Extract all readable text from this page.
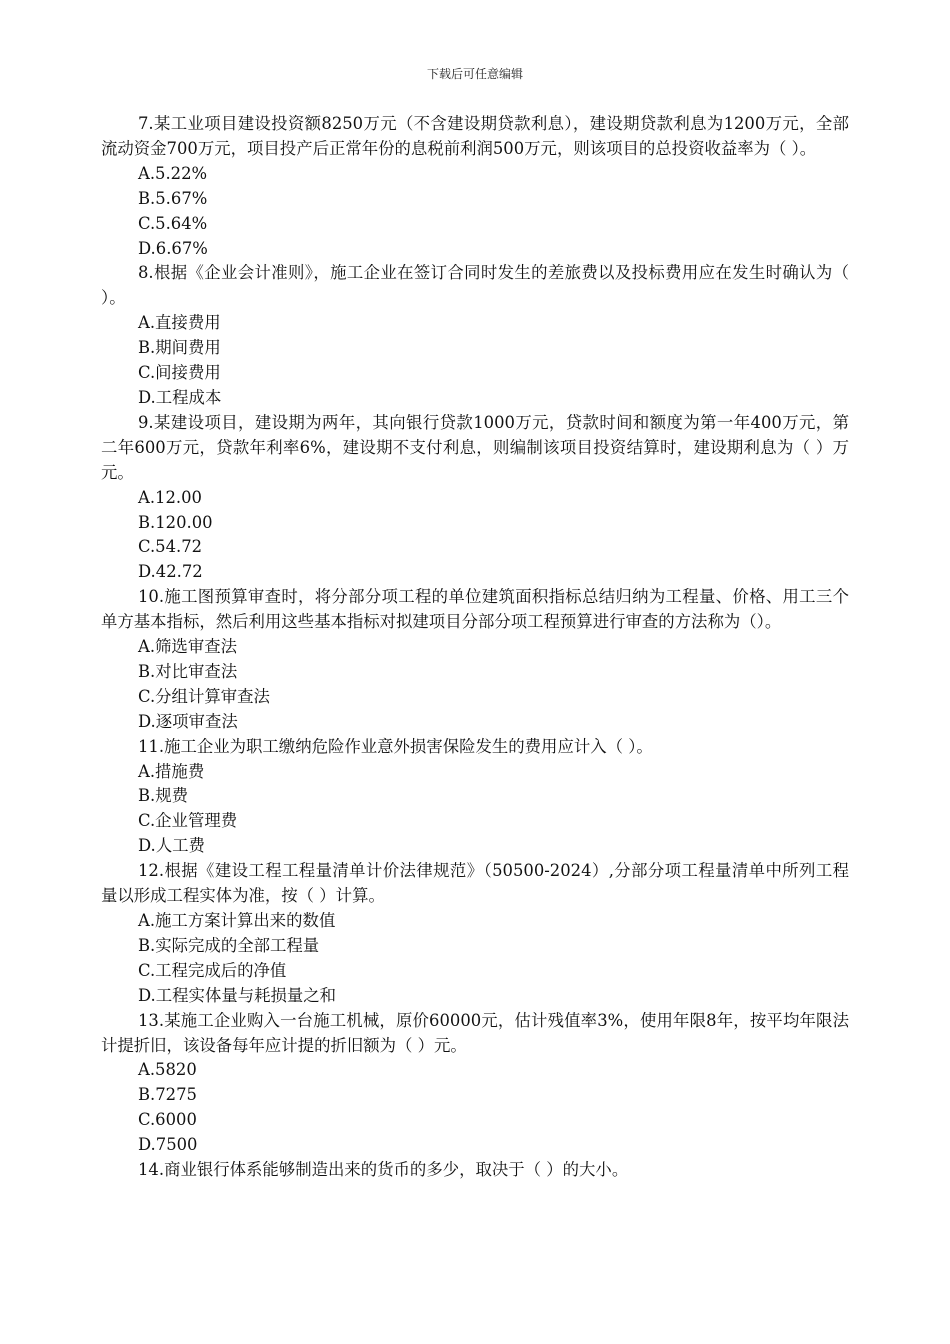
下载后可任意编辑

7.某工业项目建设投资额8250万元（不含建设期贷款利息），建设期贷款利息为1200万元，全部流动资金700万元，项目投产后正常年份的息税前利润500万元，则该项目的总投资收益率为（ ）。

A.5.22%

B.5.67%

C.5.64%

D.6.67%

8.根据《企业会计准则》，施工企业在签订合同时发生的差旅费以及投标费用应在发生时确认为（ ）。

A.直接费用

B.期间费用

C.间接费用

D.工程成本

9.某建设项目，建设期为两年，其向银行贷款1000万元，贷款时间和额度为第一年400万元，第二年600万元，贷款年利率6%，建设期不支付利息，则编制该项目投资结算时，建设期利息为（ ）万元。

A.12.00

B.120.00

C.54.72

D.42.72

10.施工图预算审查时，将分部分项工程的单位建筑面积指标总结归纳为工程量、价格、用工三个单方基本指标，然后利用这些基本指标对拟建项目分部分项工程预算进行审查的方法称为（）。

A.筛选审查法

B.对比审查法

C.分组计算审查法

D.逐项审查法

11.施工企业为职工缴纳危险作业意外损害保险发生的费用应计入（ ）。

A.措施费

B.规费

C.企业管理费

D.人工费

12.根据《建设工程工程量清单计价法律规范》（50500-2024）,分部分项工程量清单中所列工程量以形成工程实体为准，按（ ）计算。

A.施工方案计算出来的数值

B.实际完成的全部工程量

C.工程完成后的净值

D.工程实体量与耗损量之和

13.某施工企业购入一台施工机械，原价60000元，估计残值率3%，使用年限8年，按平均年限法计提折旧，该设备每年应计提的折旧额为（ ）元。

A.5820

B.7275

C.6000

D.7500

14.商业银行体系能够制造出来的货币的多少，取决于（ ）的大小。
